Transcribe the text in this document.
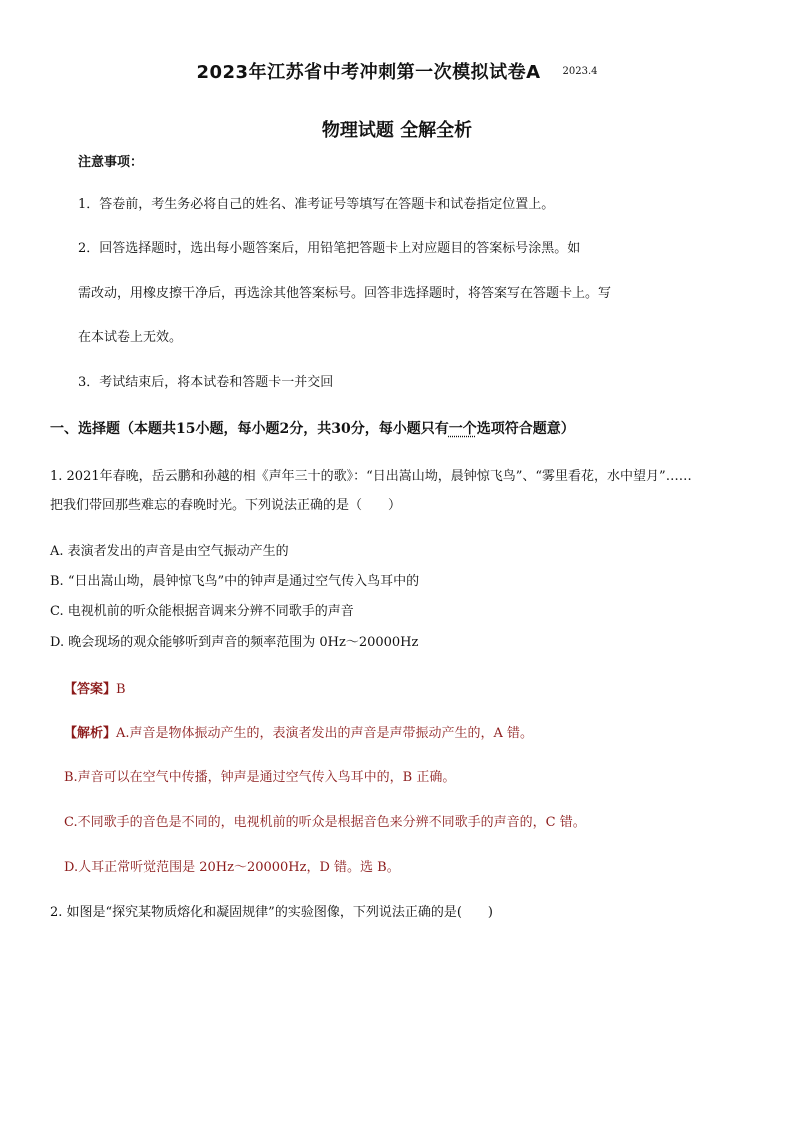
2023年江苏省中考冲刺第一次模拟试卷A $^{2023.4}$
物理试题 全解全析
注意事项：
1．答卷前，考生务必将自己的姓名、准考证号等填写在答题卡和试卷指定位置上。
2．回答选择题时，选出每小题答案后，用铅笔把答题卡上对应题目的答案标号涂黑。如
需改动，用橡皮擦干净后，再选涂其他答案标号。回答非选择题时，将答案写在答题卡上。写
在本试卷上无效。
3．考试结束后，将本试卷和答题卡一并交回
一、选择题（本题共15小题，每小题2分，共30分，每小题只有一个选项符合题意）
1. 2021年春晚，岳云鹏和孙越的相《声年三十的歌》：“日出嵩山坳，晨钟惊飞鸟”、“雾里看花，水中望月”……
把我们带回那些难忘的春晚时光。下列说法正确的是（　　）
A. 表演者发出的声音是由空气振动产生的
B. “日出嵩山坳，晨钟惊飞鸟”中的钟声是通过空气传入鸟耳中的
C. 电视机前的听众能根据音调来分辨不同歌手的声音
D. 晚会现场的观众能够听到声音的频率范围为 0Hz～20000Hz
【答案】B
【解析】A.声音是物体振动产生的，表演者发出的声音是声带振动产生的，A 错。
B.声音可以在空气中传播，钟声是通过空气传入鸟耳中的，B 正确。
C.不同歌手的音色是不同的，电视机前的听众是根据音色来分辨不同歌手的声音的，C 错。
D.人耳正常听觉范围是 20Hz～20000Hz，D 错。选 B。
2. 如图是“探究某物质熔化和凝固规律”的实验图像，下列说法正确的是(　　)
